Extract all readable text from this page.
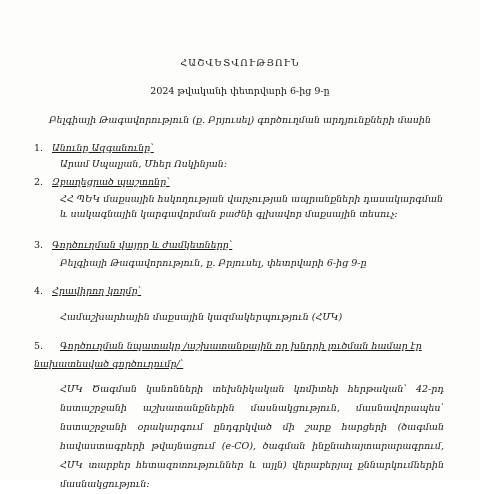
ՀԱՇՎԵՏՎՈՒԹՅՈՒՆ
2024 թվականի փետրվարի 6-ից 9-ը
Բելգիայի Թագավորություն (ք. Բրյուսել) գործուղման արդյունքների մասին
1. Անունը Ազգանունը՝
Արամ Սպալյան, Մհեր Ոսկինյան:
2. Զբաղեցրած պաշտոնը՝
ՀՀ ՊԵԿ մաքսային հսկողության վարչության ապրանքների դասակարգման և սակագնային կարգավորման բաժնի գլխավոր մաքսային տեսուչ:
3. Գործուղման վայրը և ժամկետները՝
Բելգիայի Թագավորություն, ք. Բրյուսել, փետրվարի 6-ից 9-ը
4. Հրավիրող կողմը՝
Համաշխարհային մաքսային կազմակերպություն (ՀՄԿ)
5. Գործուղման նպատակը /աշխատանքային որ խնդրի լուծման համար էր նախատեսված գործուղումը/՝
ՀՄԿ Ծագման կանոնների տեխնիկական կոմիտեի հերթական՝ 42-րդ նստաշրջանի աշխատանքներին մասնակցություն, մասնավորապես՝ նստաշրջանի օրակարգում ընդգրկված մի շարք հարցերի (ծագման հավաստագրերի թվայնացում (e-CO), ծագման ինքնահայտարարագրում, ՀՄԿ տարբեր հետազոտություններ և այլն) վերաբերյալ քննարկումներին մասնակցություն:
